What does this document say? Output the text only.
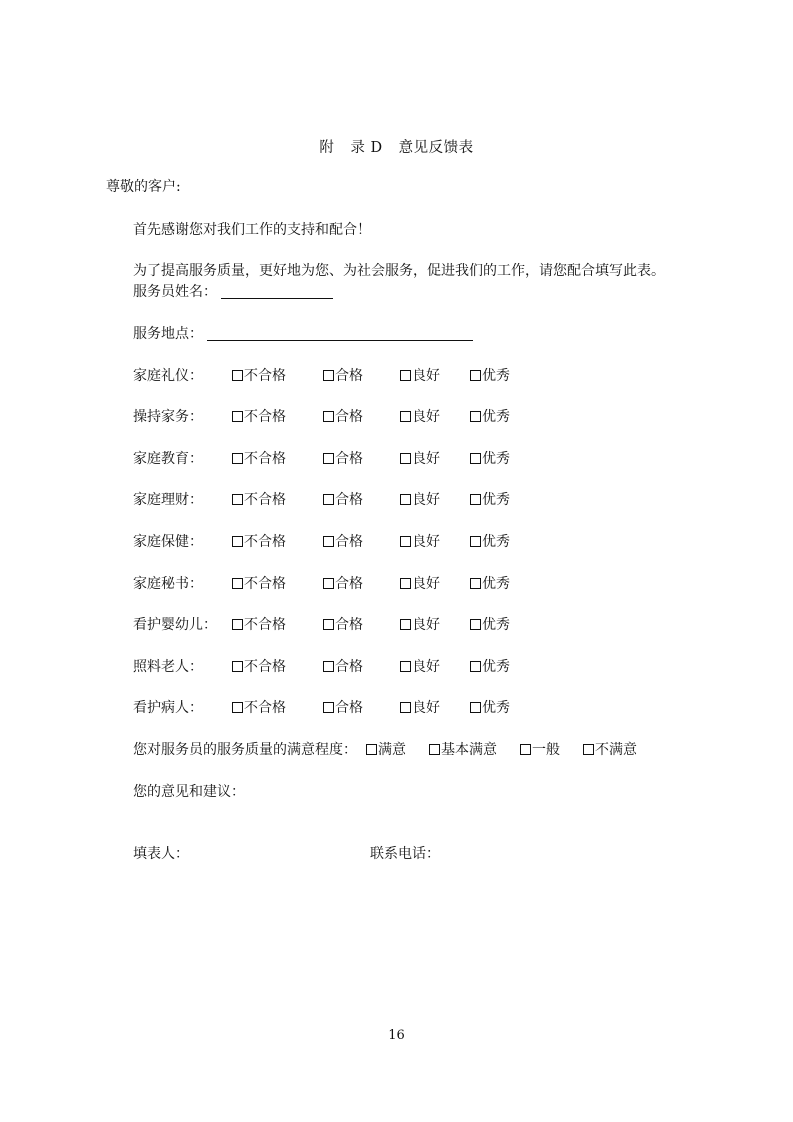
附 录 D 意见反馈表
尊敬的客户:
首先感谢您对我们工作的支持和配合！
为了提高服务质量，更好地为您、为社会服务，促进我们的工作，请您配合填写此表。
服务员姓名：
服务地点：
家庭礼仪：	不合格	合格	良好	优秀
操持家务：	不合格	合格	良好	优秀
家庭教育：	不合格	合格	良好	优秀
家庭理财：	不合格	合格	良好	优秀
家庭保健：	不合格	合格	良好	优秀
家庭秘书：	不合格	合格	良好	优秀
看护婴幼儿：	不合格	合格	良好	优秀
照料老人：	不合格	合格	良好	优秀
看护病人：	不合格	合格	良好	优秀
您对服务员的服务质量的满意程度：	满意	基本满意	一般	不满意
您的意见和建议：
填表人：	联系电话：
16
